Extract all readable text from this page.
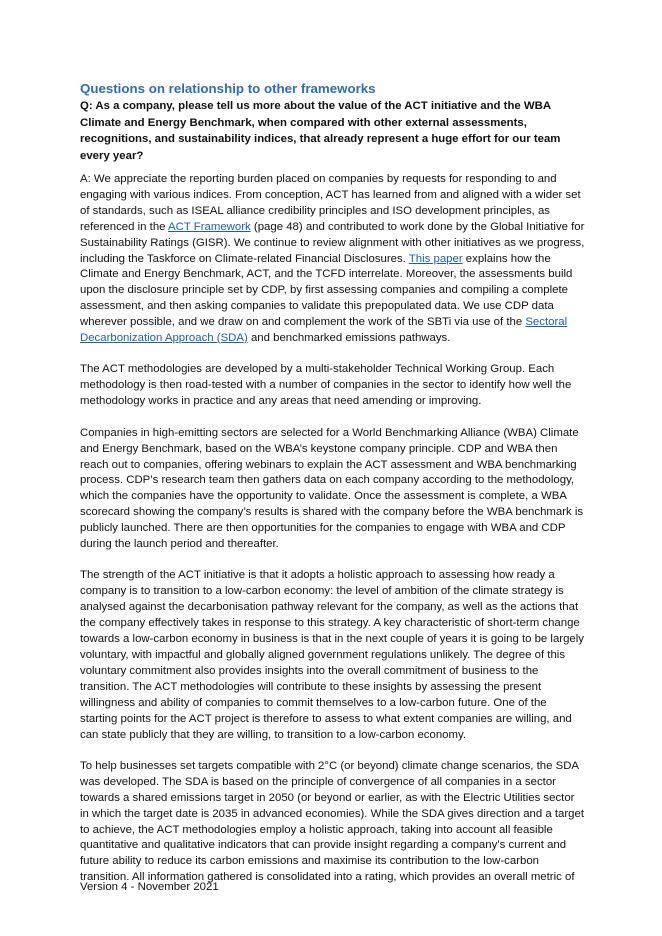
Questions on relationship to other frameworks

Q: As a company, please tell us more about the value of the ACT initiative and the WBA Climate and Energy Benchmark, when compared with other external assessments, recognitions, and sustainability indices, that already represent a huge effort for our team every year?

A: We appreciate the reporting burden placed on companies by requests for responding to and engaging with various indices. From conception, ACT has learned from and aligned with a wider set of standards, such as ISEAL alliance credibility principles and ISO development principles, as referenced in the ACT Framework (page 48) and contributed to work done by the Global Initiative for Sustainability Ratings (GISR). We continue to review alignment with other initiatives as we progress, including the Taskforce on Climate-related Financial Disclosures. This paper explains how the Climate and Energy Benchmark, ACT, and the TCFD interrelate. Moreover, the assessments build upon the disclosure principle set by CDP, by first assessing companies and compiling a complete assessment, and then asking companies to validate this prepopulated data. We use CDP data wherever possible, and we draw on and complement the work of the SBTi via use of the Sectoral Decarbonization Approach (SDA) and benchmarked emissions pathways.

The ACT methodologies are developed by a multi-stakeholder Technical Working Group. Each methodology is then road-tested with a number of companies in the sector to identify how well the methodology works in practice and any areas that need amending or improving.

Companies in high-emitting sectors are selected for a World Benchmarking Alliance (WBA) Climate and Energy Benchmark, based on the WBA’s keystone company principle. CDP and WBA then reach out to companies, offering webinars to explain the ACT assessment and WBA benchmarking process. CDP’s research team then gathers data on each company according to the methodology, which the companies have the opportunity to validate. Once the assessment is complete, a WBA scorecard showing the company’s results is shared with the company before the WBA benchmark is publicly launched. There are then opportunities for the companies to engage with WBA and CDP during the launch period and thereafter.

The strength of the ACT initiative is that it adopts a holistic approach to assessing how ready a company is to transition to a low-carbon economy: the level of ambition of the climate strategy is analysed against the decarbonisation pathway relevant for the company, as well as the actions that the company effectively takes in response to this strategy. A key characteristic of short-term change towards a low-carbon economy in business is that in the next couple of years it is going to be largely voluntary, with impactful and globally aligned government regulations unlikely. The degree of this voluntary commitment also provides insights into the overall commitment of business to the transition. The ACT methodologies will contribute to these insights by assessing the present willingness and ability of companies to commit themselves to a low-carbon future. One of the starting points for the ACT project is therefore to assess to what extent companies are willing, and can state publicly that they are willing, to transition to a low-carbon economy.

To help businesses set targets compatible with 2°C (or beyond) climate change scenarios, the SDA was developed. The SDA is based on the principle of convergence of all companies in a sector towards a shared emissions target in 2050 (or beyond or earlier, as with the Electric Utilities sector in which the target date is 2035 in advanced economies). While the SDA gives direction and a target to achieve, the ACT methodologies employ a holistic approach, taking into account all feasible quantitative and qualitative indicators that can provide insight regarding a company’s current and future ability to reduce its carbon emissions and maximise its contribution to the low-carbon transition. All information gathered is consolidated into a rating, which provides an overall metric of

Version 4 - November 2021
